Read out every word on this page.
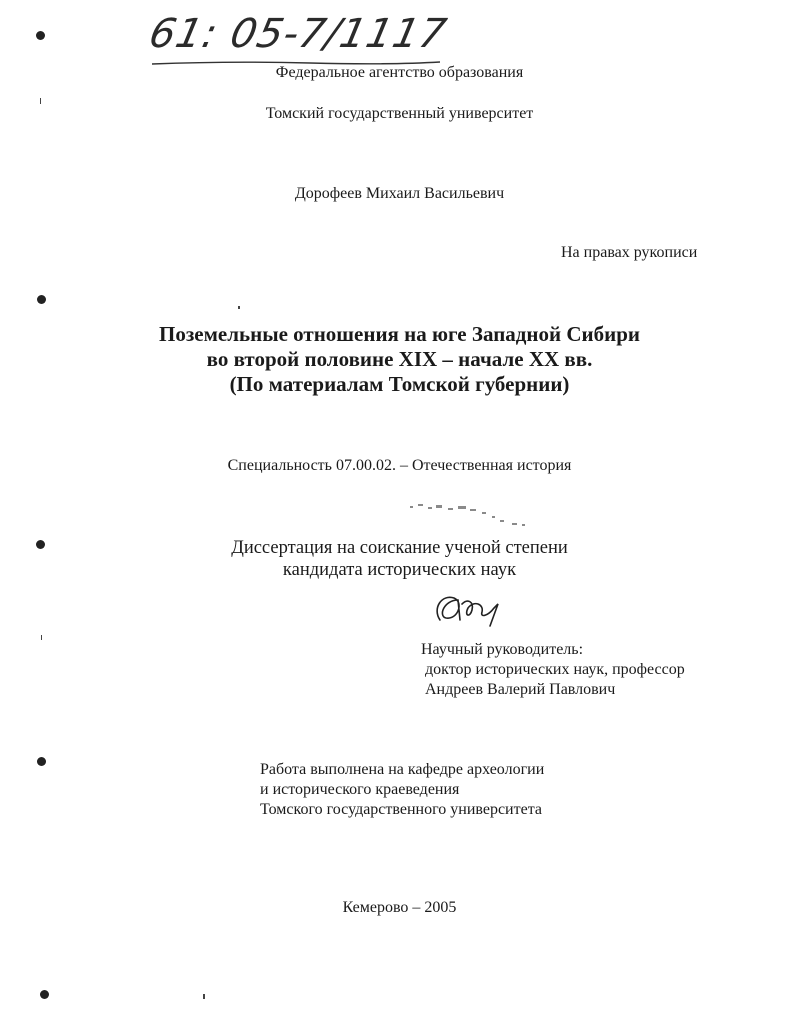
61: 05-7/1117
Федеральное агентство образования
Томский государственный университет
Дорофеев Михаил Васильевич
На правах рукописи
Поземельные отношения на юге Западной Сибири
во второй половине XIX – начале XX вв.
(По материалам Томской губернии)
Специальность 07.00.02. – Отечественная история
Диссертация на соискание ученой степени
кандидата исторических наук
Научный руководитель:
доктор исторических наук, профессор
Андреев Валерий Павлович
Работа выполнена на кафедре археологии
и исторического краеведения
Томского государственного университета
Кемерово – 2005
